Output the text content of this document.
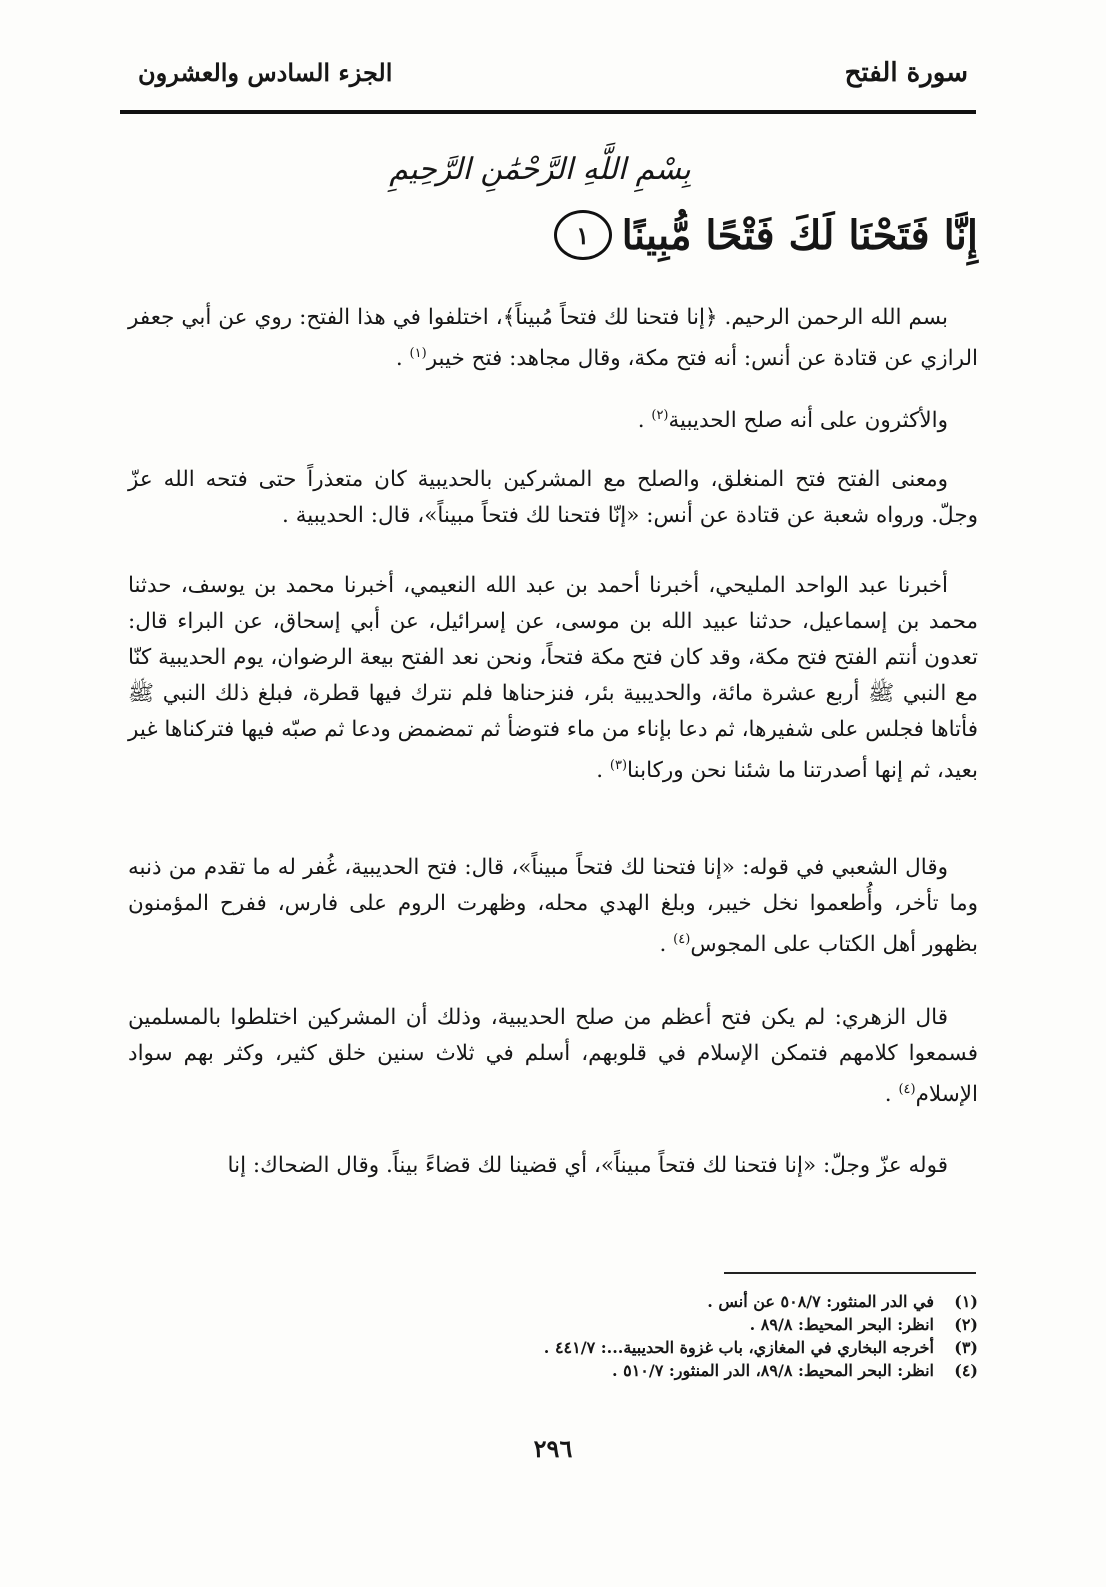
سورة الفتح
الجزء السادس والعشرون
بِسْمِ اللَّهِ الرَّحْمَٰنِ الرَّحِيمِ
إِنَّا فَتَحْنَا لَكَ فَتْحًا مُّبِينًا
١

بسم الله الرحمن الرحيم. ﴿إنا فتحنا لك فتحاً مُبيناً﴾، اختلفوا في هذا الفتح: روي عن أبي جعفر الرازي عن قتادة عن أنس: أنه فتح مكة، وقال مجاهد: فتح خيبر$^{(١)}$ .

والأكثرون على أنه صلح الحديبية$^{(٢)}$ .

ومعنى الفتح فتح المنغلق، والصلح مع المشركين بالحديبية كان متعذراً حتى فتحه الله عزّ وجلّ. ورواه شعبة عن قتادة عن أنس: «إنّا فتحنا لك فتحاً مبيناً»، قال: الحديبية .

أخبرنا عبد الواحد المليحي، أخبرنا أحمد بن عبد الله النعيمي، أخبرنا محمد بن يوسف، حدثنا محمد بن إسماعيل، حدثنا عبيد الله بن موسى، عن إسرائيل، عن أبي إسحاق، عن البراء قال: تعدون أنتم الفتح فتح مكة، وقد كان فتح مكة فتحاً، ونحن نعد الفتح بيعة الرضوان، يوم الحديبية كنّا مع النبي ﷺ أربع عشرة مائة، والحديبية بئر، فنزحناها فلم نترك فيها قطرة، فبلغ ذلك النبي ﷺ فأتاها فجلس على شفيرها، ثم دعا بإناء من ماء فتوضأ ثم تمضمض ودعا ثم صبّه فيها فتركناها غير بعيد، ثم إنها أصدرتنا ما شئنا نحن وركابنا$^{(٣)}$ .

وقال الشعبي في قوله: «إنا فتحنا لك فتحاً مبيناً»، قال: فتح الحديبية، غُفر له ما تقدم من ذنبه وما تأخر، وأُطعموا نخل خيبر، وبلغ الهدي محله، وظهرت الروم على فارس، ففرح المؤمنون بظهور أهل الكتاب على المجوس$^{(٤)}$ .

قال الزهري: لم يكن فتح أعظم من صلح الحديبية، وذلك أن المشركين اختلطوا بالمسلمين فسمعوا كلامهم فتمكن الإسلام في قلوبهم، أسلم في ثلاث سنين خلق كثير، وكثر بهم سواد الإسلام$^{(٤)}$ .

قوله عزّ وجلّ: «إنا فتحنا لك فتحاً مبيناً»، أي قضينا لك قضاءً بيناً. وقال الضحاك: إنا

(١)
في الدر المنثور: ٥٠٨/٧ عن أنس .
(٢)
انظر: البحر المحيط: ٨٩/٨ .
(٣)
أخرجه البخاري في المغازي، باب غزوة الحديبية...: ٤٤١/٧ .
(٤)
انظر: البحر المحيط: ٨٩/٨، الدر المنثور: ٥١٠/٧ .
٢٩٦
